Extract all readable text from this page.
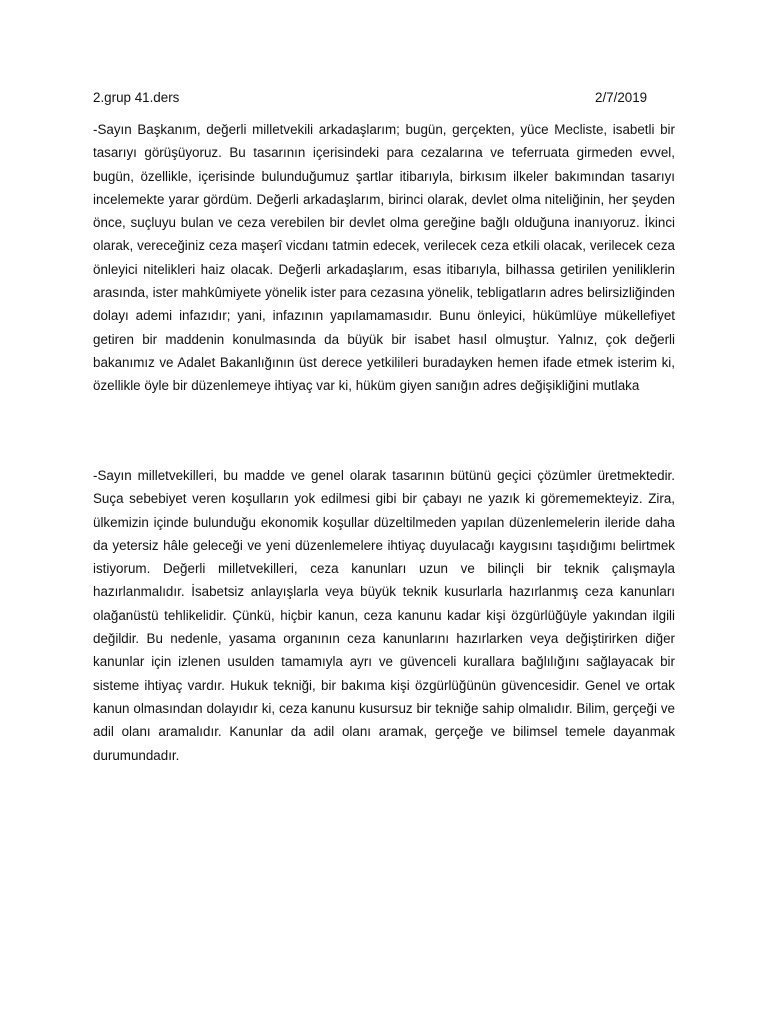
2.grup 41.ders	2/7/2019

-Sayın Başkanım, değerli milletvekili arkadaşlarım; bugün, gerçekten, yüce Mecliste, isabetli bir tasarıyı görüşüyoruz. Bu tasarının içerisindeki para cezalarına ve teferruata girmeden evvel, bugün, özellikle, içerisinde bulunduğumuz şartlar itibarıyla, birkısım ilkeler bakımından tasarıyı incelemekte yarar gördüm. Değerli arkadaşlarım, birinci olarak, devlet olma niteliğinin, her şeyden önce, suçluyu bulan ve ceza verebilen bir devlet olma gereğine bağlı olduğuna inanıyoruz. İkinci olarak, vereceğiniz ceza maşerî vicdanı tatmin edecek, verilecek ceza etkili olacak, verilecek ceza önleyici nitelikleri haiz olacak. Değerli arkadaşlarım, esas itibarıyla, bilhassa getirilen yeniliklerin arasında, ister mahkûmiyete yönelik ister para cezasına yönelik, tebligatların adres belirsizliğinden dolayı ademi infazıdır; yani, infazının yapılamamasıdır. Bunu önleyici, hükümlüye mükellefiyet getiren bir maddenin konulmasında da büyük bir isabet hasıl olmuştur. Yalnız, çok değerli bakanımız ve Adalet Bakanlığının üst derece yetkilileri buradayken hemen ifade etmek isterim ki, özellikle öyle bir düzenlemeye ihtiyaç var ki, hüküm giyen sanığın adres değişikliğini mutlaka

-Sayın milletvekilleri, bu madde ve genel olarak tasarının bütünü geçici çözümler üretmektedir. Suça sebebiyet veren koşulların yok edilmesi gibi bir çabayı ne yazık ki görememekteyiz. Zira, ülkemizin içinde bulunduğu ekonomik koşullar düzeltilmeden yapılan düzenlemelerin ileride daha da yetersiz hâle geleceği ve yeni düzenlemelere ihtiyaç duyulacağı kaygısını taşıdığımı belirtmek istiyorum. Değerli milletvekilleri, ceza kanunları uzun ve bilinçli bir teknik çalışmayla hazırlanmalıdır. İsabetsiz anlayışlarla veya büyük teknik kusurlarla hazırlanmış ceza kanunları olağanüstü tehlikelidir. Çünkü, hiçbir kanun, ceza kanunu kadar kişi özgürlüğüyle yakından ilgili değildir. Bu nedenle, yasama organının ceza kanunlarını hazırlarken veya değiştirirken diğer kanunlar için izlenen usulden tamamıyla ayrı ve güvenceli kurallara bağlılığını sağlayacak bir sisteme ihtiyaç vardır. Hukuk tekniği, bir bakıma kişi özgürlüğünün güvencesidir. Genel ve ortak kanun olmasından dolayıdır ki, ceza kanunu kusursuz bir tekniğe sahip olmalıdır. Bilim, gerçeği ve adil olanı aramalıdır. Kanunlar da adil olanı aramak, gerçeğe ve bilimsel temele dayanmak durumundadır.
